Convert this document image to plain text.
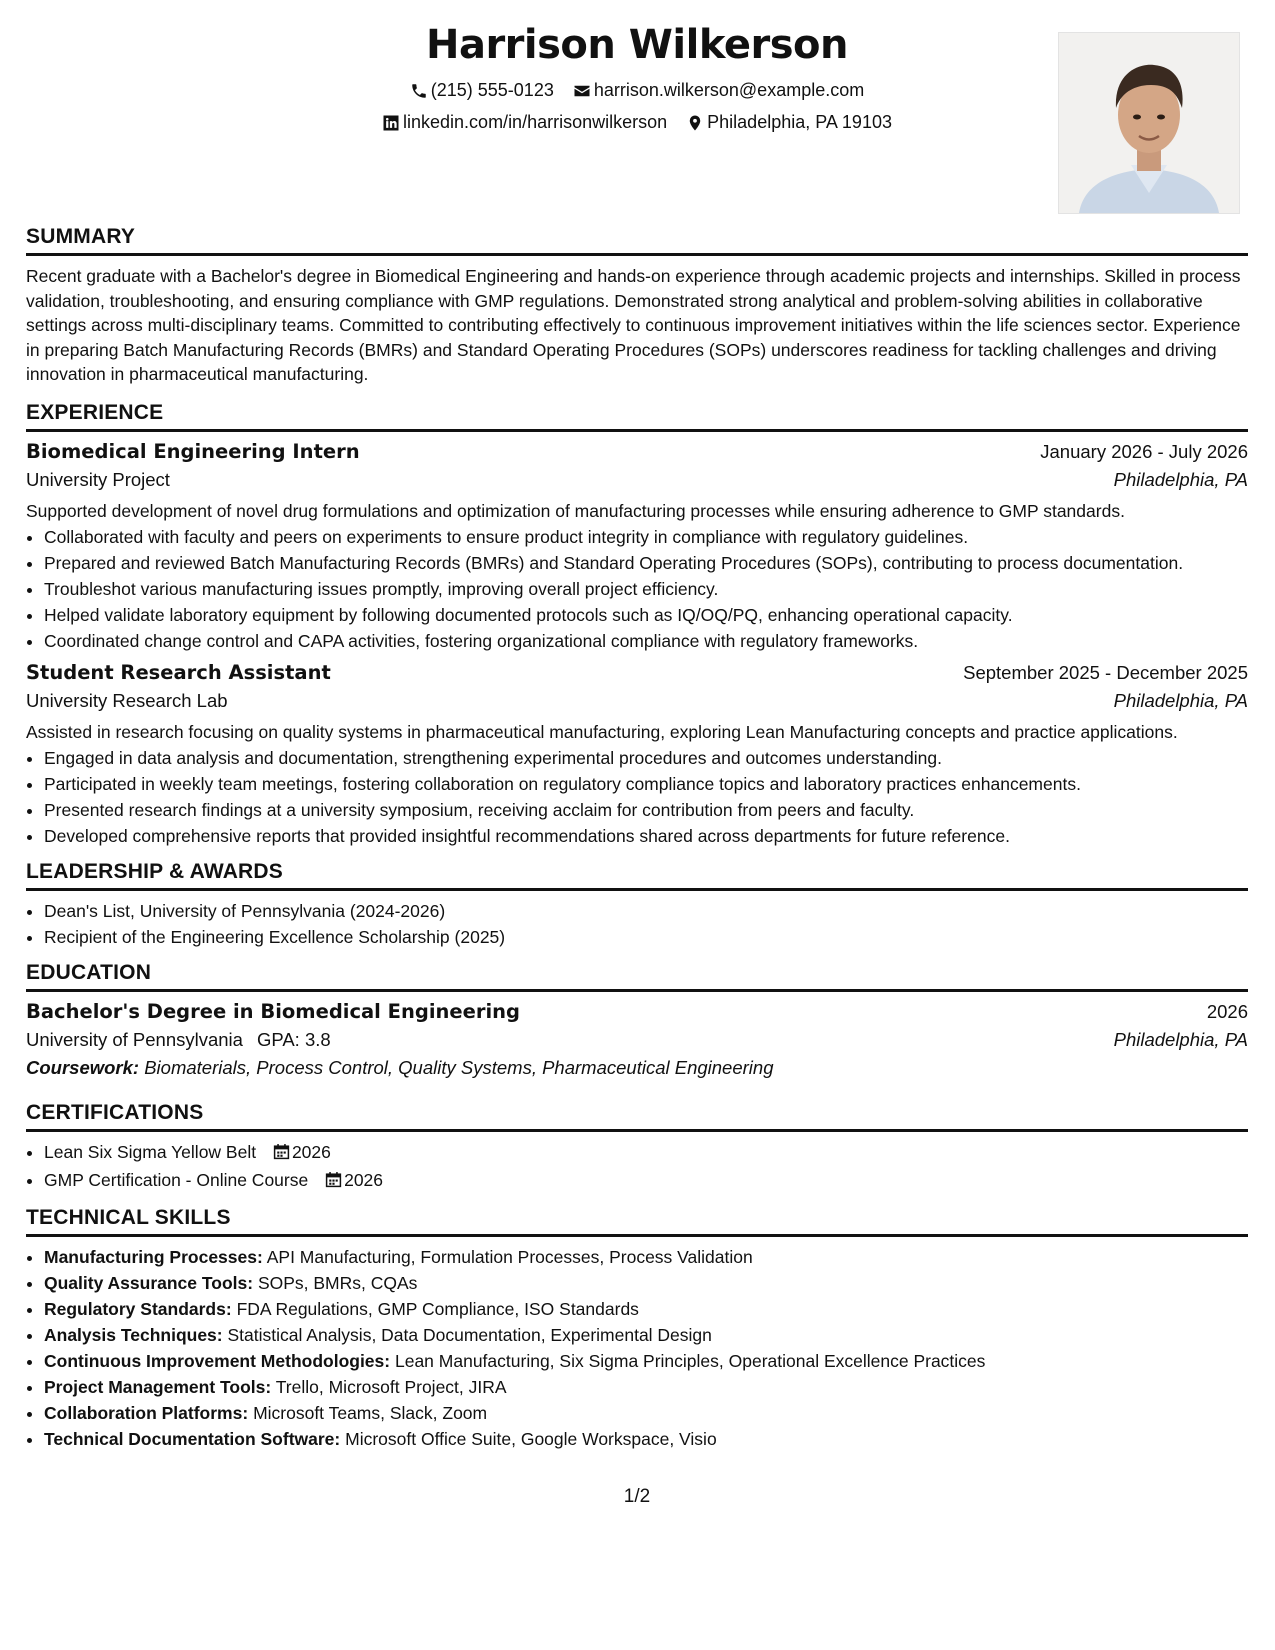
Harrison Wilkerson
(215) 555-0123
harrison.wilkerson@example.com
linkedin.com/in/harrisonwilkerson
Philadelphia, PA 19103
SUMMARY
Recent graduate with a Bachelor's degree in Biomedical Engineering and hands-on experience through academic projects and internships. Skilled in process validation, troubleshooting, and ensuring compliance with GMP regulations. Demonstrated strong analytical and problem-solving abilities in collaborative settings across multi-disciplinary teams. Committed to contributing effectively to continuous improvement initiatives within the life sciences sector. Experience in preparing Batch Manufacturing Records (BMRs) and Standard Operating Procedures (SOPs) underscores readiness for tackling challenges and driving innovation in pharmaceutical manufacturing.
EXPERIENCE
Biomedical Engineering Intern	January 2026 - July 2026
University Project	Philadelphia, PA
Supported development of novel drug formulations and optimization of manufacturing processes while ensuring adherence to GMP standards.
• Collaborated with faculty and peers on experiments to ensure product integrity in compliance with regulatory guidelines.
• Prepared and reviewed Batch Manufacturing Records (BMRs) and Standard Operating Procedures (SOPs), contributing to process documentation.
• Troubleshot various manufacturing issues promptly, improving overall project efficiency.
• Helped validate laboratory equipment by following documented protocols such as IQ/OQ/PQ, enhancing operational capacity.
• Coordinated change control and CAPA activities, fostering organizational compliance with regulatory frameworks.
Student Research Assistant	September 2025 - December 2025
University Research Lab	Philadelphia, PA
Assisted in research focusing on quality systems in pharmaceutical manufacturing, exploring Lean Manufacturing concepts and practice applications.
• Engaged in data analysis and documentation, strengthening experimental procedures and outcomes understanding.
• Participated in weekly team meetings, fostering collaboration on regulatory compliance topics and laboratory practices enhancements.
• Presented research findings at a university symposium, receiving acclaim for contribution from peers and faculty.
• Developed comprehensive reports that provided insightful recommendations shared across departments for future reference.
LEADERSHIP & AWARDS
• Dean's List, University of Pennsylvania (2024-2026)
• Recipient of the Engineering Excellence Scholarship (2025)
EDUCATION
Bachelor's Degree in Biomedical Engineering	2026
University of Pennsylvania GPA: 3.8	Philadelphia, PA
Coursework: Biomaterials, Process Control, Quality Systems, Pharmaceutical Engineering
CERTIFICATIONS
• Lean Six Sigma Yellow Belt 2026
• GMP Certification - Online Course 2026
TECHNICAL SKILLS
• Manufacturing Processes: API Manufacturing, Formulation Processes, Process Validation
• Quality Assurance Tools: SOPs, BMRs, CQAs
• Regulatory Standards: FDA Regulations, GMP Compliance, ISO Standards
• Analysis Techniques: Statistical Analysis, Data Documentation, Experimental Design
• Continuous Improvement Methodologies: Lean Manufacturing, Six Sigma Principles, Operational Excellence Practices
• Project Management Tools: Trello, Microsoft Project, JIRA
• Collaboration Platforms: Microsoft Teams, Slack, Zoom
• Technical Documentation Software: Microsoft Office Suite, Google Workspace, Visio
1/2
